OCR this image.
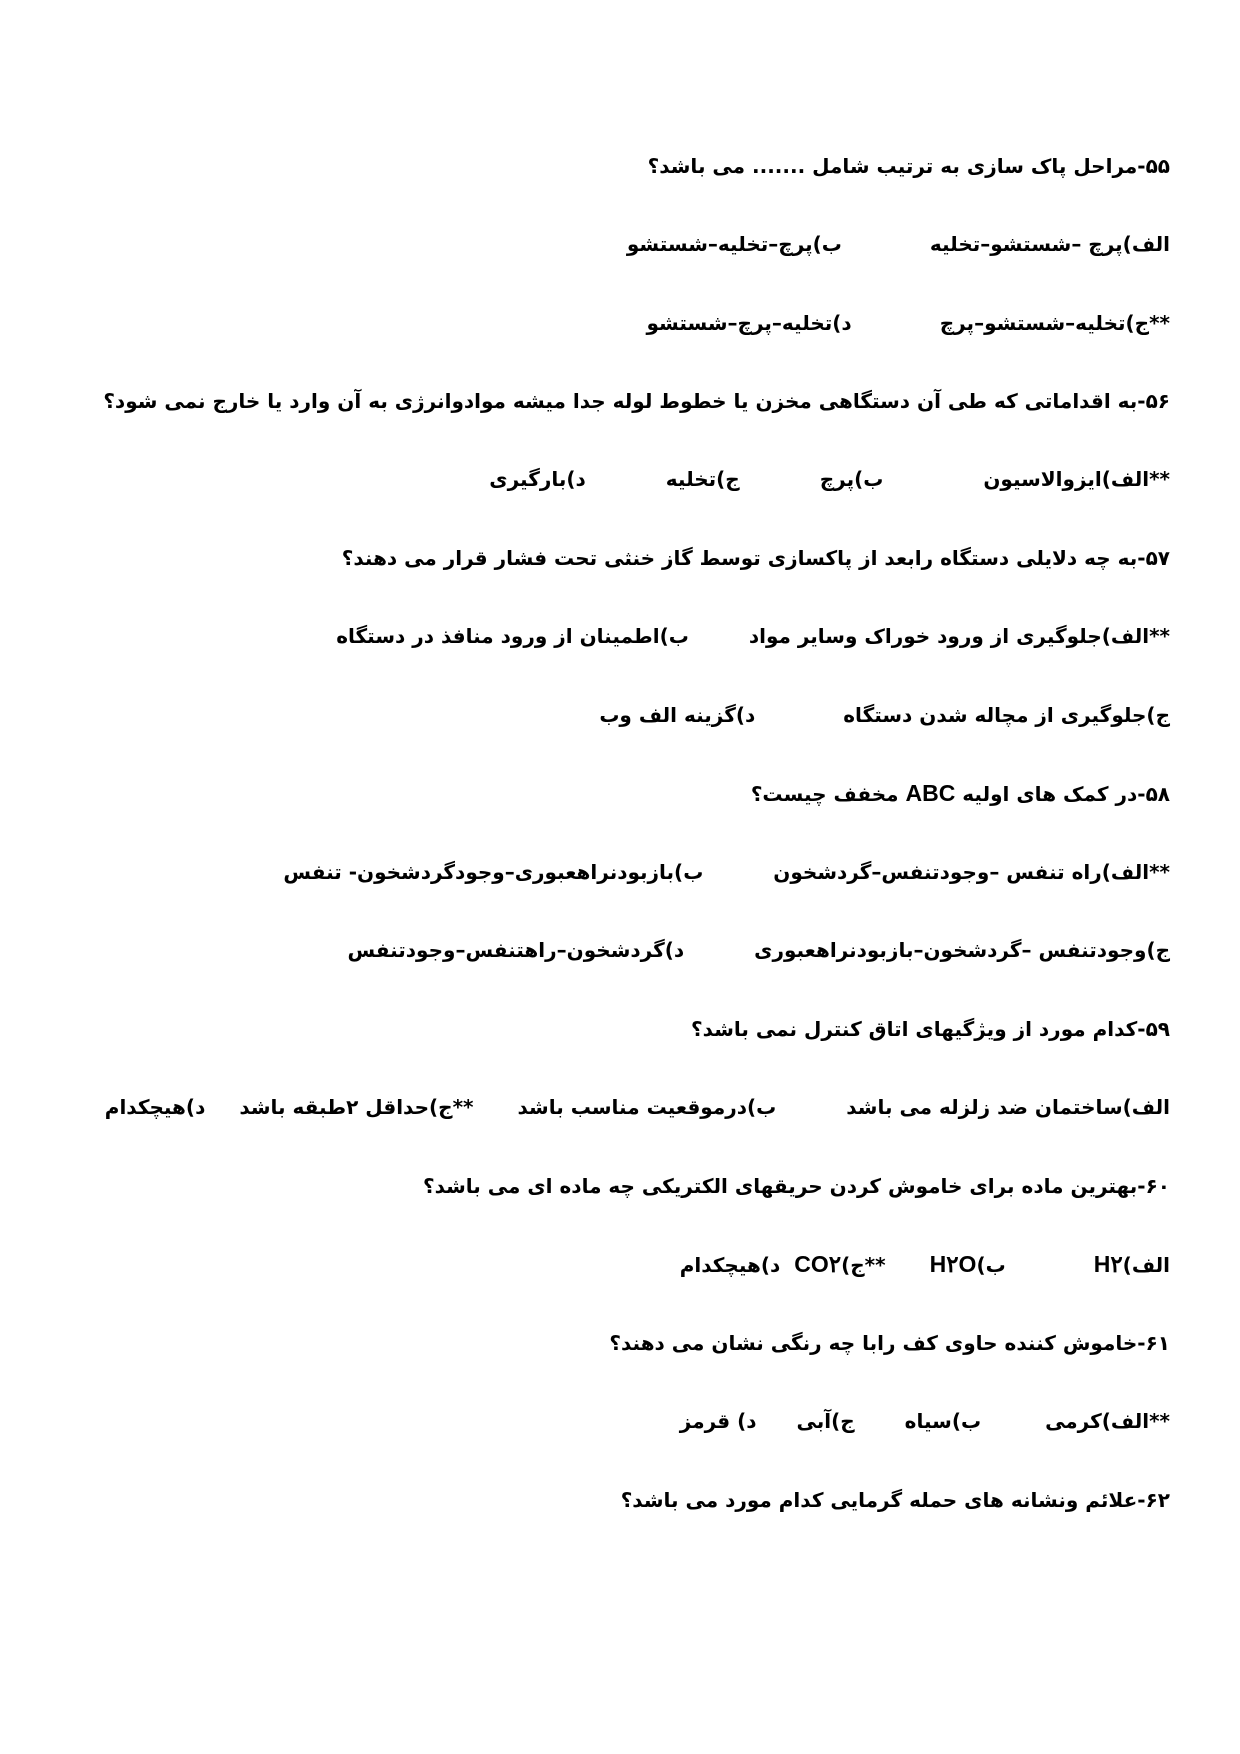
۵۵-مراحل پاک سازی به ترتیب شامل ....... می باشد؟
الف)پرچ –شستشو–تخلیهب)پرچ–تخلیه–شستشو
**ج)تخلیه–شستشو–پرچد)تخلیه–پرچ–شستشو
۵۶-به اقداماتی که طی آن دستگاهی مخزن یا خطوط لوله جدا میشه موادوانرژی به آن وارد یا خارج نمی شود؟
**الف)ایزوالاسیونب)پرچج)تخلیهد)بارگیری
۵۷-به چه دلایلی دستگاه رابعد از پاکسازی توسط گاز خنثی تحت فشار قرار می دهند؟
**الف)جلوگیری از ورود خوراک وسایر موادب)اطمینان از ورود منافذ در دستگاه
ج)جلوگیری از مچاله شدن دستگاهد)گزینه الف وب
۵۸-در کمک های اولیه ABC مخفف چیست؟
**الف)راه تنفس –وجودتنفس–گردشخونب)بازبودنراهعبوری–وجودگردشخون- تنفس
ج)وجودتنفس –گردشخون–بازبودنراهعبورید)گردشخون–راهتنفس–وجودتنفس
۵۹-کدام مورد از ویژگیهای اتاق کنترل نمی باشد؟
الف)ساختمان ضد زلزله می باشدب)درموقعیت مناسب باشد**ج)حداقل ۲طبقه باشدد)هیچکدام
۶۰-بهترین ماده برای خاموش کردن حریقهای الکتریکی چه ماده ای می باشد؟
الف)H۲ب)H۲O**ج)CO۲د)هیچکدام
۶۱-خاموش کننده حاوی کف رابا چه رنگی نشان می دهند؟
**الف)کرمیب)سیاهج)آبید) قرمز
۶۲-علائم ونشانه های حمله گرمایی کدام مورد می باشد؟
